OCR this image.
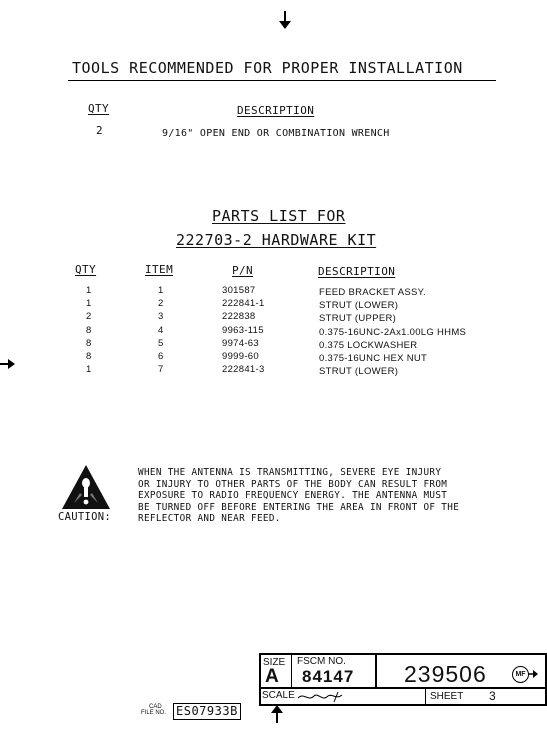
TOOLS RECOMMENDED FOR PROPER INSTALLATION
QTY	DESCRIPTION
2	9/16" OPEN END OR COMBINATION WRENCH
PARTS LIST FOR
222703-2 HARDWARE KIT
QTY	ITEM	P/N	DESCRIPTION
1	1	301587	FEED BRACKET ASSY.
1	2	222841-1	STRUT (LOWER)
2	3	222838	STRUT (UPPER)
8	4	9963-115	0.375-16UNC-2Ax1.00LG HHMS
8	5	9974-63	0.375 LOCKWASHER
8	6	9999-60	0.375-16UNC HEX NUT
1	7	222841-3	STRUT (LOWER)
CAUTION:
WHEN THE ANTENNA IS TRANSMITTING, SEVERE EYE INJURY
OR INJURY TO OTHER PARTS OF THE BODY CAN RESULT FROM
EXPOSURE TO RADIO FREQUENCY ENERGY. THE ANTENNA MUST
BE TURNED OFF BEFORE ENTERING THE AREA IN FRONT OF THE
REFLECTOR AND NEAR FEED.
SIZE
A
FSCM NO.
84147 239506	MF
SCALE	SHEET 3
CAD
FILE NO. ES07933B
